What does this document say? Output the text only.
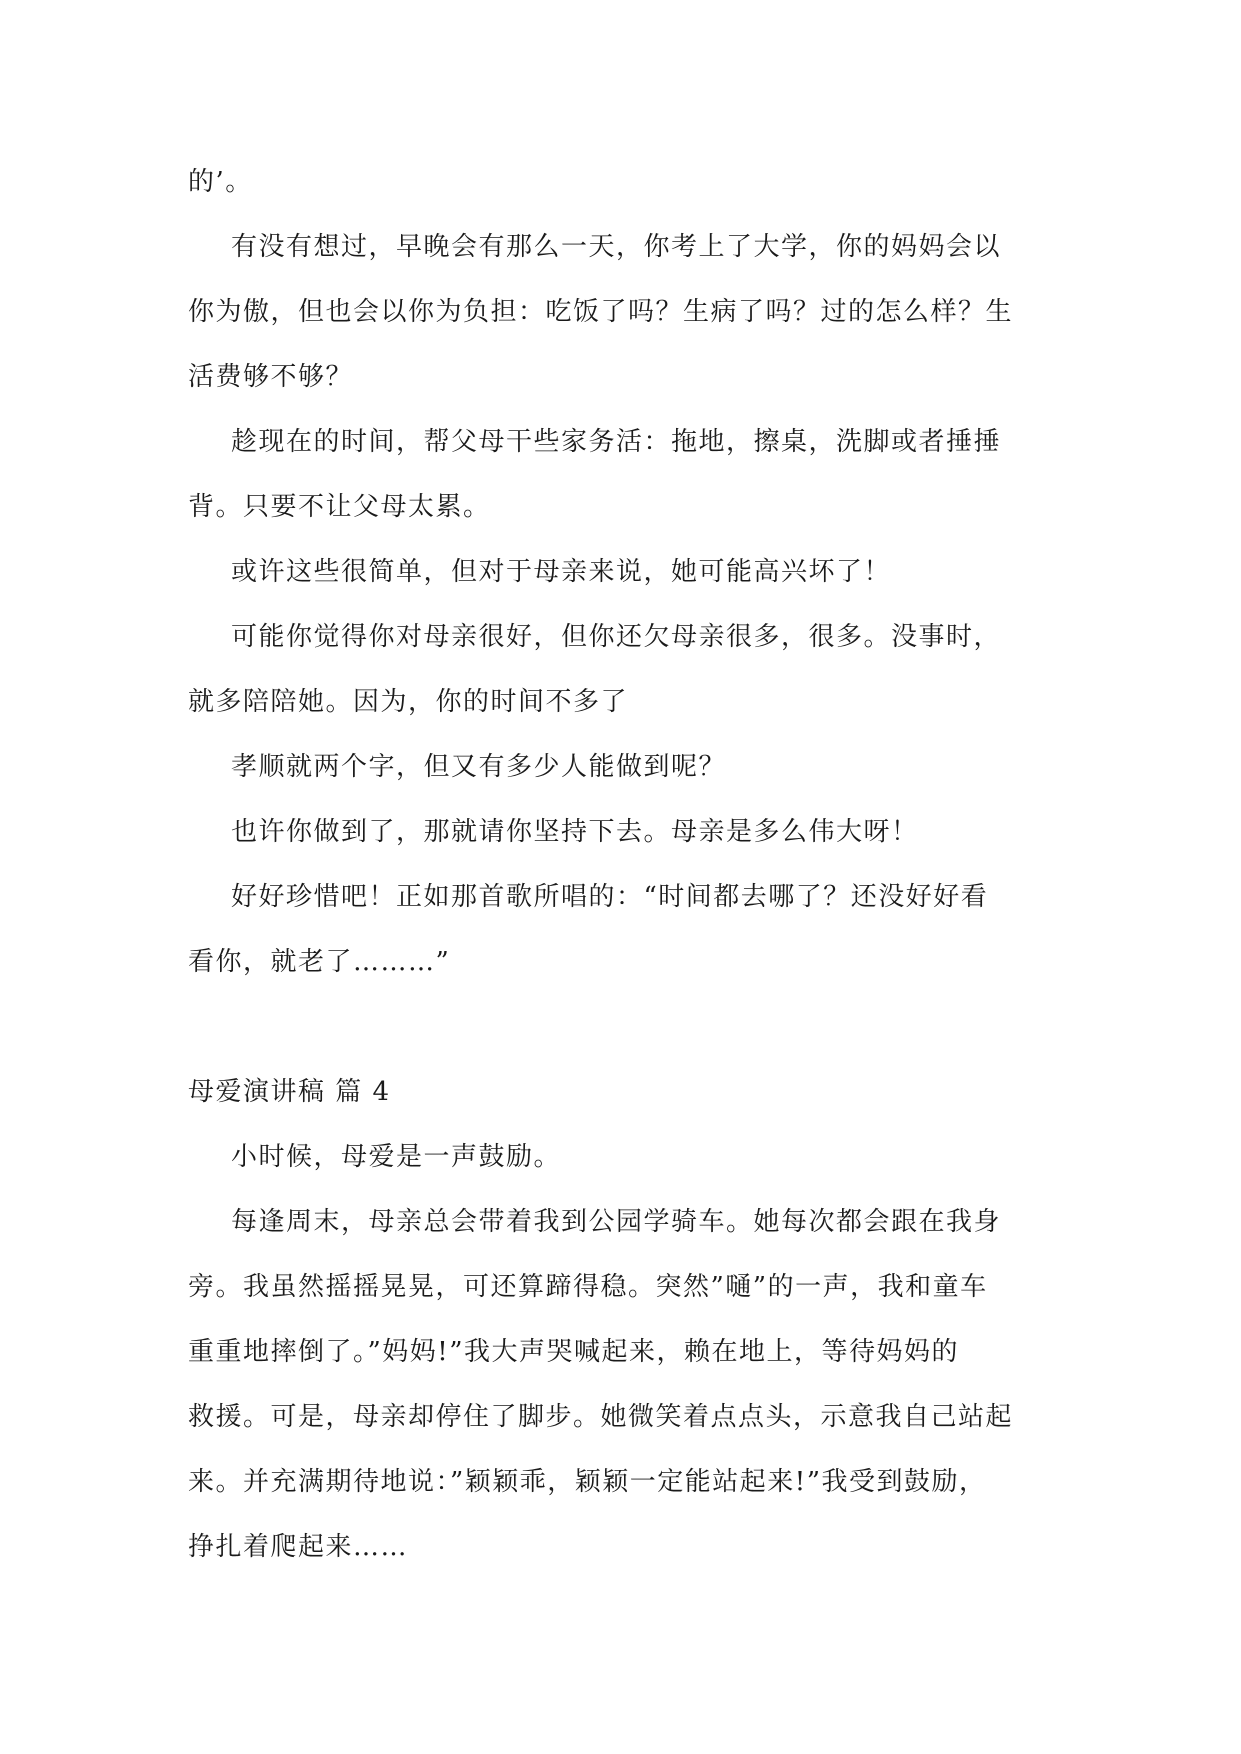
的’。
有没有想过，早晚会有那么一天，你考上了大学，你的妈妈会以
你为傲，但也会以你为负担：吃饭了吗？生病了吗？过的怎么样？生
活费够不够？
趁现在的时间，帮父母干些家务活：拖地，擦桌，洗脚或者捶捶
背。只要不让父母太累。
或许这些很简单，但对于母亲来说，她可能高兴坏了！
可能你觉得你对母亲很好，但你还欠母亲很多，很多。没事时，
就多陪陪她。因为，你的时间不多了
孝顺就两个字，但又有多少人能做到呢？
也许你做到了，那就请你坚持下去。母亲是多么伟大呀！
好好珍惜吧！正如那首歌所唱的：“时间都去哪了？还没好好看
看你，就老了………”
母爱演讲稿 篇 4
小时候，母爱是一声鼓励。
每逢周末，母亲总会带着我到公园学骑车。她每次都会跟在我身
旁。我虽然摇摇晃晃，可还算蹄得稳。突然”嗵”的一声，我和童车
重重地摔倒了。”妈妈!”我大声哭喊起来，赖在地上，等待妈妈的
救援。可是，母亲却停住了脚步。她微笑着点点头，示意我自己站起
来。并充满期待地说：”颖颖乖，颖颖一定能站起来!”我受到鼓励，
挣扎着爬起来……
